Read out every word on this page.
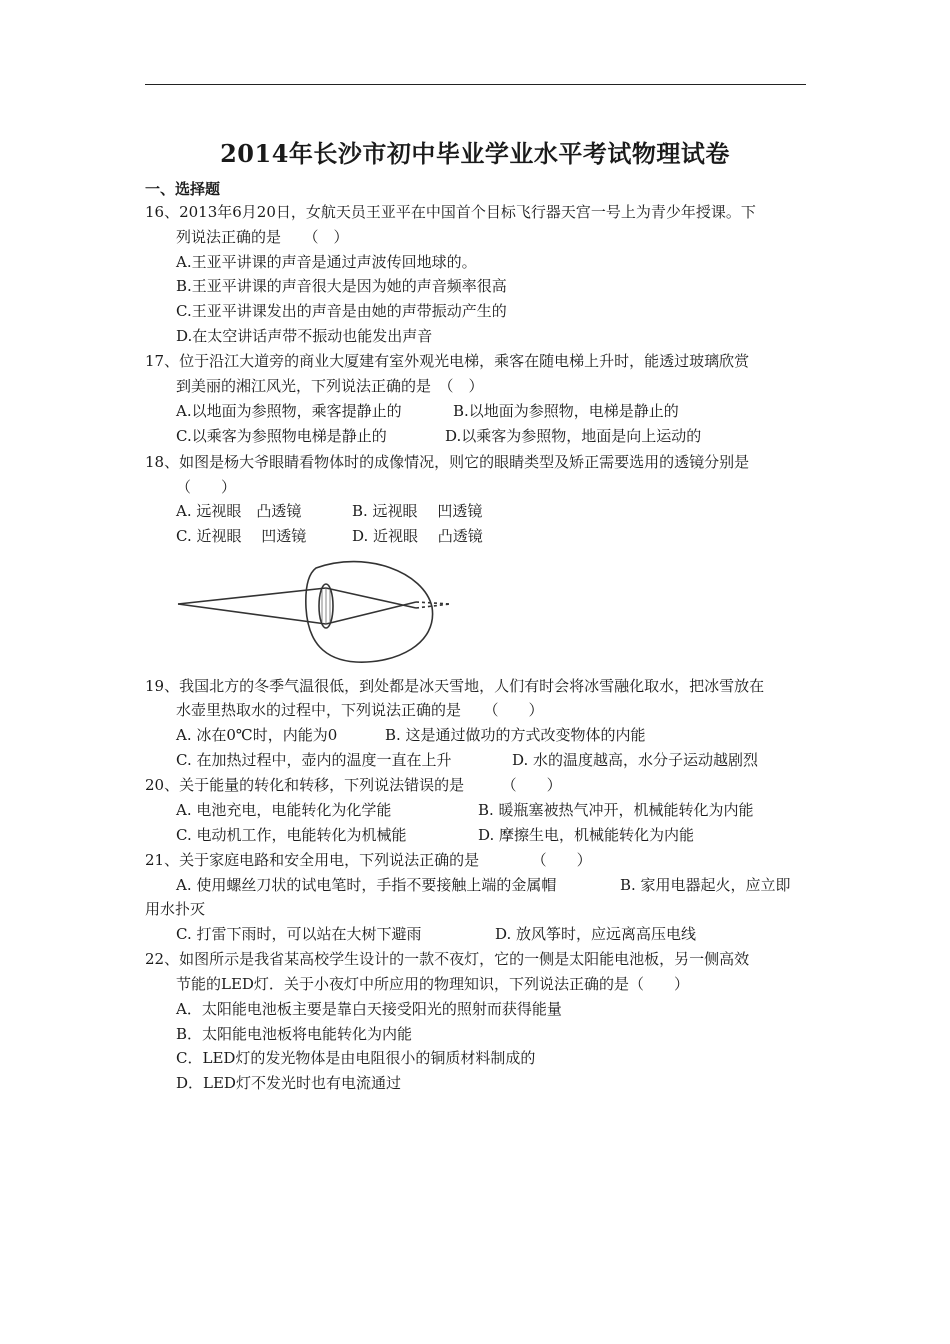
2014年长沙市初中毕业学业水平考试物理试卷
一、选择题
16、2013年6月20日，女航天员王亚平在中国首个目标飞行器天宫一号上为青少年授课。下
列说法正确的是　　（　）
A.王亚平讲课的声音是通过声波传回地球的。
B.王亚平讲课的声音很大是因为她的声音频率很高
C.王亚平讲课发出的声音是由她的声带振动产生的
D.在太空讲话声带不振动也能发出声音
17、位于沿江大道旁的商业大厦建有室外观光电梯，乘客在随电梯上升时，能透过玻璃欣赏
到美丽的湘江风光，下列说法正确的是　（　）
A.以地面为参照物，乘客提静止的	B.以地面为参照物，电梯是静止的
C.以乘客为参照物电梯是静止的	D.以乘客为参照物，地面是向上运动的
18、如图是杨大爷眼睛看物体时的成像情况，则它的眼睛类型及矫正需要选用的透镜分别是
（　　）
A. 远视眼　凸透镜	B. 远视眼　 凹透镜
C. 近视眼　 凹透镜	D. 近视眼　 凸透镜
19、我国北方的冬季气温很低，到处都是冰天雪地，人们有时会将冰雪融化取水，把冰雪放在
水壶里热取水的过程中，下列说法正确的是　　（　　）
A. 冰在0℃时，内能为0	B. 这是通过做功的方式改变物体的内能
C. 在加热过程中，壶内的温度一直在上升	D. 水的温度越高，水分子运动越剧烈
20、关于能量的转化和转移，下列说法错误的是　　　（　　）
A. 电池充电，电能转化为化学能	B. 暖瓶塞被热气冲开，机械能转化为内能
C. 电动机工作，电能转化为机械能	D. 摩擦生电，机械能转化为内能
21、关于家庭电路和安全用电，下列说法正确的是　　　　（　　）
A. 使用螺丝刀状的试电笔时，手指不要接触上端的金属帽	B. 家用电器起火，应立即
用水扑灭
C. 打雷下雨时，可以站在大树下避雨	D. 放风筝时，应远离高压电线
22、如图所示是我省某高校学生设计的一款不夜灯，它的一侧是太阳能电池板，另一侧高效
节能的LED灯．关于小夜灯中所应用的物理知识，下列说法正确的是（　　）
A．太阳能电池板主要是靠白天接受阳光的照射而获得能量
B．太阳能电池板将电能转化为内能
C．LED灯的发光物体是由电阻很小的铜质材料制成的
D．LED灯不发光时也有电流通过
